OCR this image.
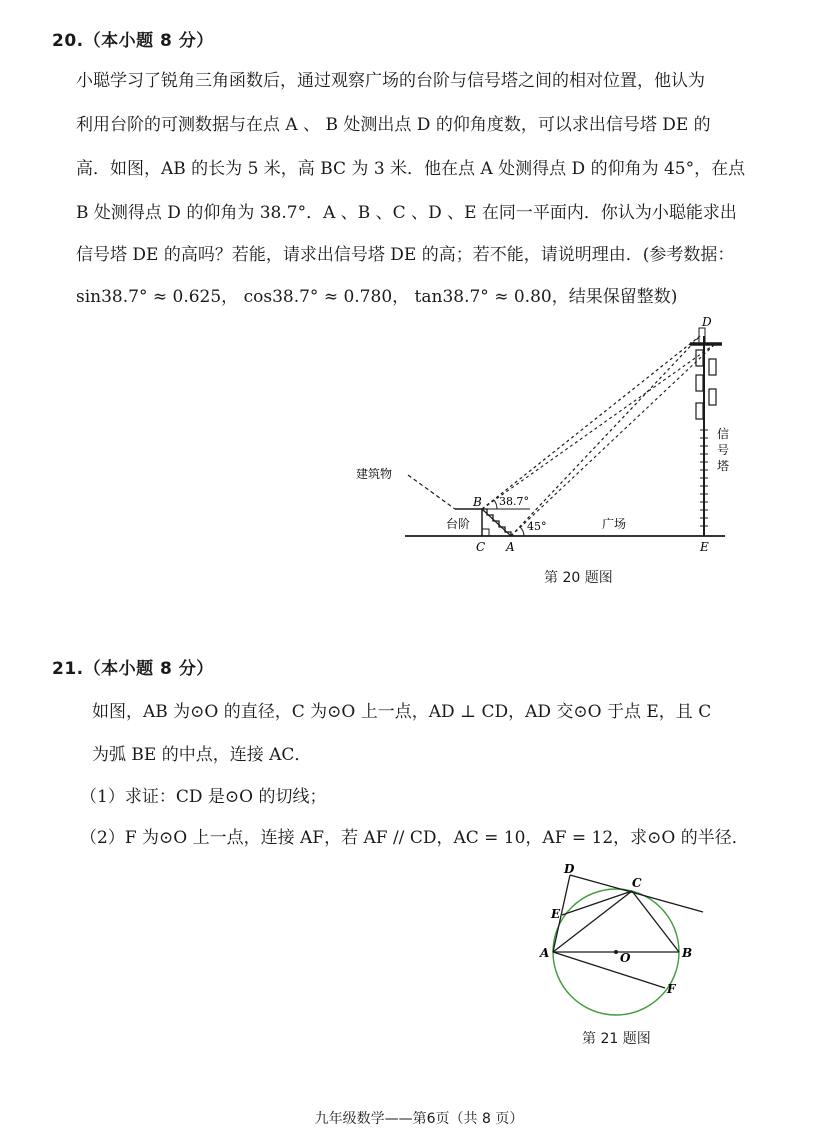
20.（本小题 8 分）
小聪学习了锐角三角函数后，通过观察广场的台阶与信号塔之间的相对位置，他认为
利用台阶的可测数据与在点 A 、 B 处测出点 D 的仰角度数，可以求出信号塔 DE 的
高．如图，AB 的长为 5 米，高 BC 为 3 米．他在点 A 处测得点 D 的仰角为 45°，在点
B 处测得点 D 的仰角为 38.7°．A 、B 、C 、D 、E 在同一平面内．你认为小聪能求出
信号塔 DE 的高吗？若能，请求出信号塔 DE 的高；若不能，请说明理由．(参考数据：
sin38.7° ≈ 0.625， cos38.7° ≈ 0.780， tan38.7° ≈ 0.80，结果保留整数)
D
B
C A	E
38.7°
45°
建筑物
台阶	广场
信
号
塔
第 20 题图
21.（本小题 8 分）
如图，AB 为⊙O 的直径，C 为⊙O 上一点，AD ⊥ CD，AD 交⊙O 于点 E，且 C
为弧 BE 的中点，连接 AC．
（1）求证：CD 是⊙O 的切线；
（2）F 为⊙O 上一点，连接 AF，若 AF // CD，AC = 10，AF = 12，求⊙O 的半径．
D
C
E
A	O	B
F
第 21 题图
九年级数学——第6页（共 8 页）
